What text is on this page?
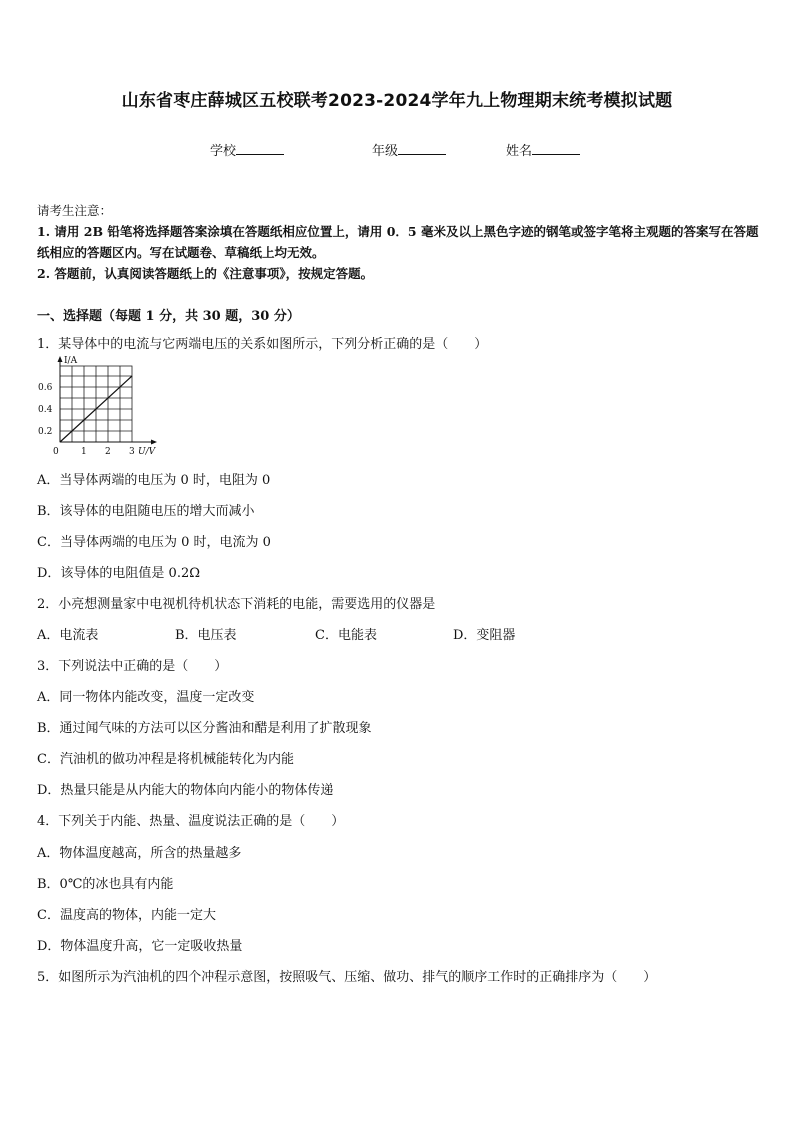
山东省枣庄薛城区五校联考2023-2024学年九上物理期末统考模拟试题
学校	年级	姓名
请考生注意：
1. 请用 2B 铅笔将选择题答案涂填在答题纸相应位置上，请用 0．5 毫米及以上黑色字迹的钢笔或签字笔将主观题的答案写在答题纸相应的答题区内。写在试题卷、草稿纸上均无效。
2. 答题前，认真阅读答题纸上的《注意事项》，按规定答题。
一、选择题（每题 1 分，共 30 题，30 分）
1．某导体中的电流与它两端电压的关系如图所示，下列分析正确的是（　　）
I/A
0.6
0.4
0.2
0 1 2 3 U/V
A．当导体两端的电压为 0 时，电阻为 0
B．该导体的电阻随电压的增大而减小
C．当导体两端的电压为 0 时，电流为 0
D．该导体的电阻值是 0.2Ω
2．小亮想测量家中电视机待机状态下消耗的电能，需要选用的仪器是
A．电流表	B．电压表	C．电能表	D．变阻器
3．下列说法中正确的是（　　）
A．同一物体内能改变，温度一定改变
B．通过闻气味的方法可以区分酱油和醋是利用了扩散现象
C．汽油机的做功冲程是将机械能转化为内能
D．热量只能是从内能大的物体向内能小的物体传递
4．下列关于内能、热量、温度说法正确的是（　　）
A．物体温度越高，所含的热量越多
B．0℃的冰也具有内能
C．温度高的物体，内能一定大
D．物体温度升高，它一定吸收热量
5．如图所示为汽油机的四个冲程示意图，按照吸气、压缩、做功、排气的顺序工作时的正确排序为（　　）
